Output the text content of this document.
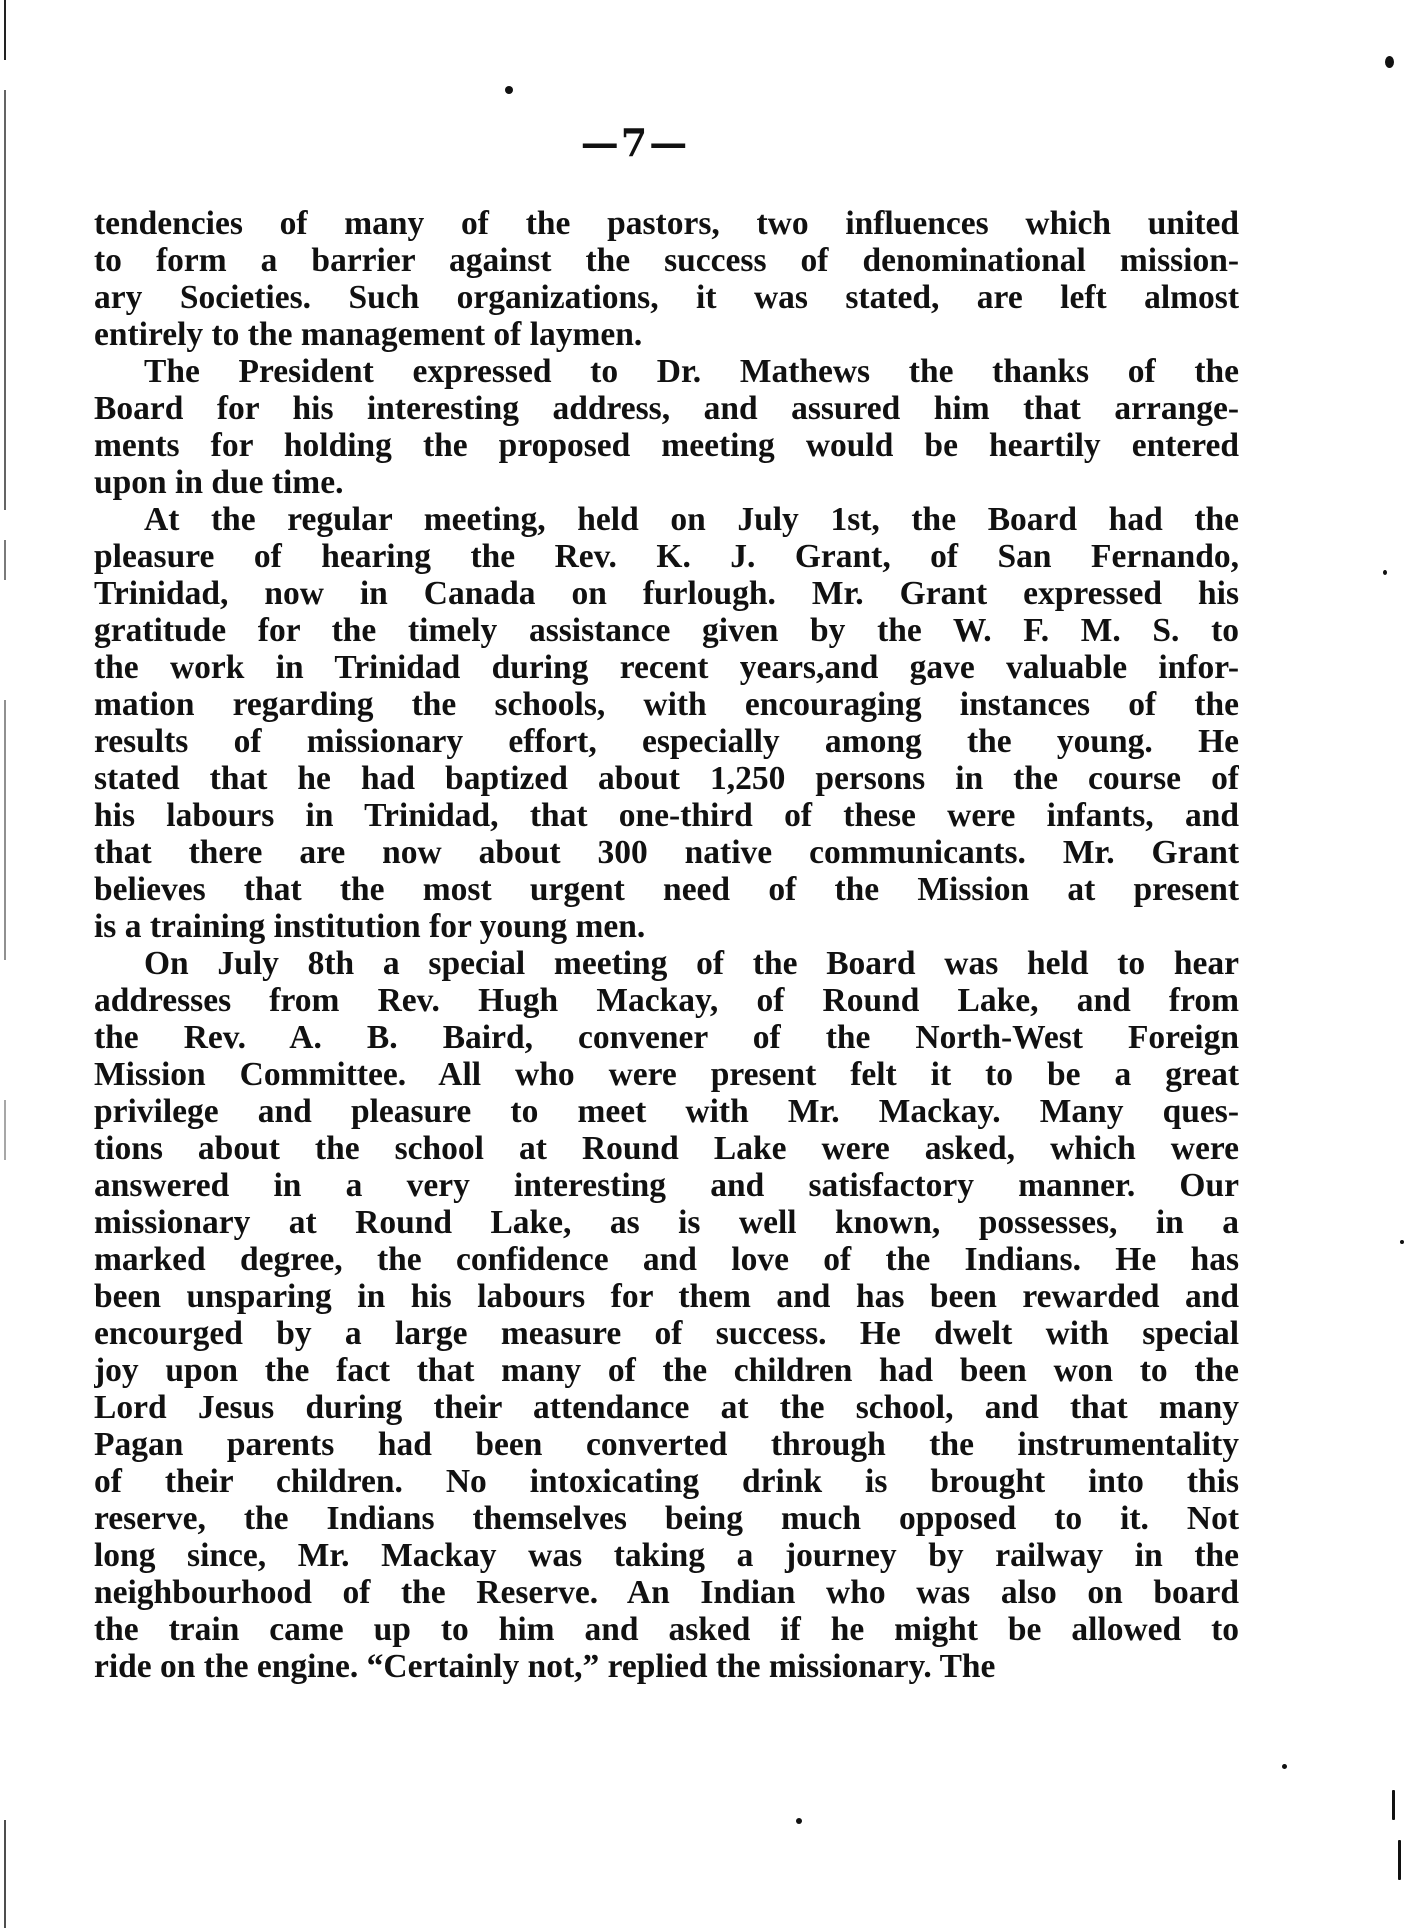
—7—
tendencies of many of the pastors, two influences which united
to form a barrier against the success of denominational mission-
ary Societies. Such organizations, it was stated, are left almost
entirely to the management of laymen.
The President expressed to Dr. Mathews the thanks of the
Board for his interesting address, and assured him that arrange-
ments for holding the proposed meeting would be heartily entered
upon in due time.
At the regular meeting, held on July 1st, the Board had the
pleasure of hearing the Rev. K. J. Grant, of San Fernando,
Trinidad, now in Canada on furlough. Mr. Grant expressed his
gratitude for the timely assistance given by the W. F. M. S. to
the work in Trinidad during recent years,and gave valuable infor-
mation regarding the schools, with encouraging instances of the
results of missionary effort, especially among the young. He
stated that he had baptized about 1,250 persons in the course of
his labours in Trinidad, that one-third of these were infants, and
that there are now about 300 native communicants. Mr. Grant
believes that the most urgent need of the Mission at present
is a training institution for young men.
On July 8th a special meeting of the Board was held to hear
addresses from Rev. Hugh Mackay, of Round Lake, and from
the Rev. A. B. Baird, convener of the North-West Foreign
Mission Committee. All who were present felt it to be a great
privilege and pleasure to meet with Mr. Mackay. Many ques-
tions about the school at Round Lake were asked, which were
answered in a very interesting and satisfactory manner. Our
missionary at Round Lake, as is well known, possesses, in a
marked degree, the confidence and love of the Indians. He has
been unsparing in his labours for them and has been rewarded and
encourged by a large measure of success. He dwelt with special
joy upon the fact that many of the children had been won to the
Lord Jesus during their attendance at the school, and that many
Pagan parents had been converted through the instrumentality
of their children. No intoxicating drink is brought into this
reserve, the Indians themselves being much opposed to it. Not
long since, Mr. Mackay was taking a journey by railway in the
neighbourhood of the Reserve. An Indian who was also on board
the train came up to him and asked if he might be allowed to
ride on the engine. “Certainly not,” replied the missionary. The
